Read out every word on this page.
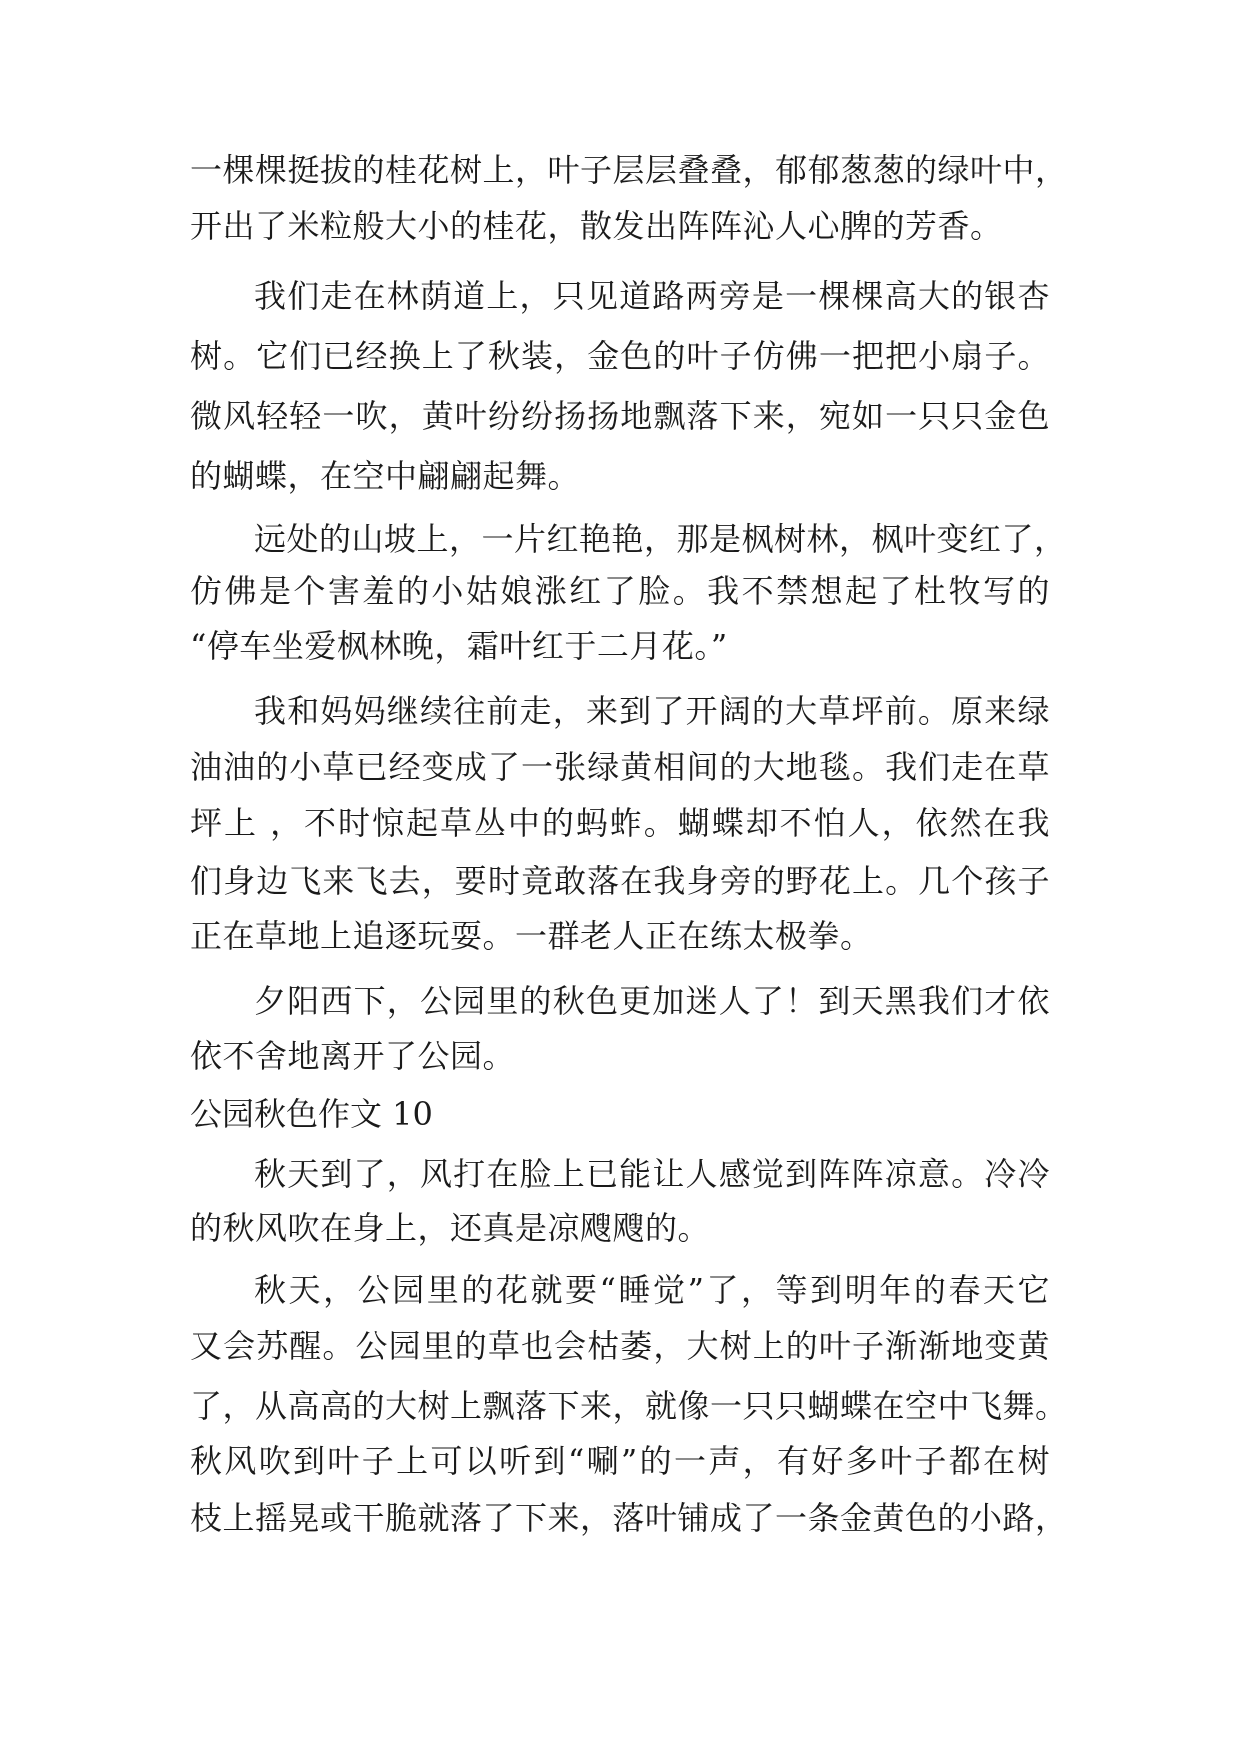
一棵棵挺拔的桂花树上，叶子层层叠叠，郁郁葱葱的绿叶中，
开出了米粒般大小的桂花，散发出阵阵沁人心脾的芳香。
我们走在林荫道上，只见道路两旁是一棵棵高大的银杏
树。它们已经换上了秋装，金色的叶子仿佛一把把小扇子。
微风轻轻一吹，黄叶纷纷扬扬地飘落下来，宛如一只只金色
的蝴蝶，在空中翩翩起舞。
远处的山坡上，一片红艳艳，那是枫树林，枫叶变红了，
仿佛是个害羞的小姑娘涨红了脸。我不禁想起了杜牧写的
“停车坐爱枫林晚，霜叶红于二月花。”
我和妈妈继续往前走，来到了开阔的大草坪前。原来绿
油油的小草已经变成了一张绿黄相间的大地毯。我们走在草
坪上 ，不时惊起草丛中的蚂蚱。蝴蝶却不怕人，依然在我
们身边飞来飞去，要时竟敢落在我身旁的野花上。几个孩子
正在草地上追逐玩耍。一群老人正在练太极拳。
夕阳西下，公园里的秋色更加迷人了！到天黑我们才依
依不舍地离开了公园。
公园秋色作文 10
秋天到了，风打在脸上已能让人感觉到阵阵凉意。冷冷
的秋风吹在身上，还真是凉飕飕的。
秋天，公园里的花就要“睡觉”了，等到明年的春天它
又会苏醒。公园里的草也会枯萎，大树上的叶子渐渐地变黄
了，从高高的大树上飘落下来，就像一只只蝴蝶在空中飞舞。
秋风吹到叶子上可以听到“唰”的一声，有好多叶子都在树
枝上摇晃或干脆就落了下来，落叶铺成了一条金黄色的小路，
